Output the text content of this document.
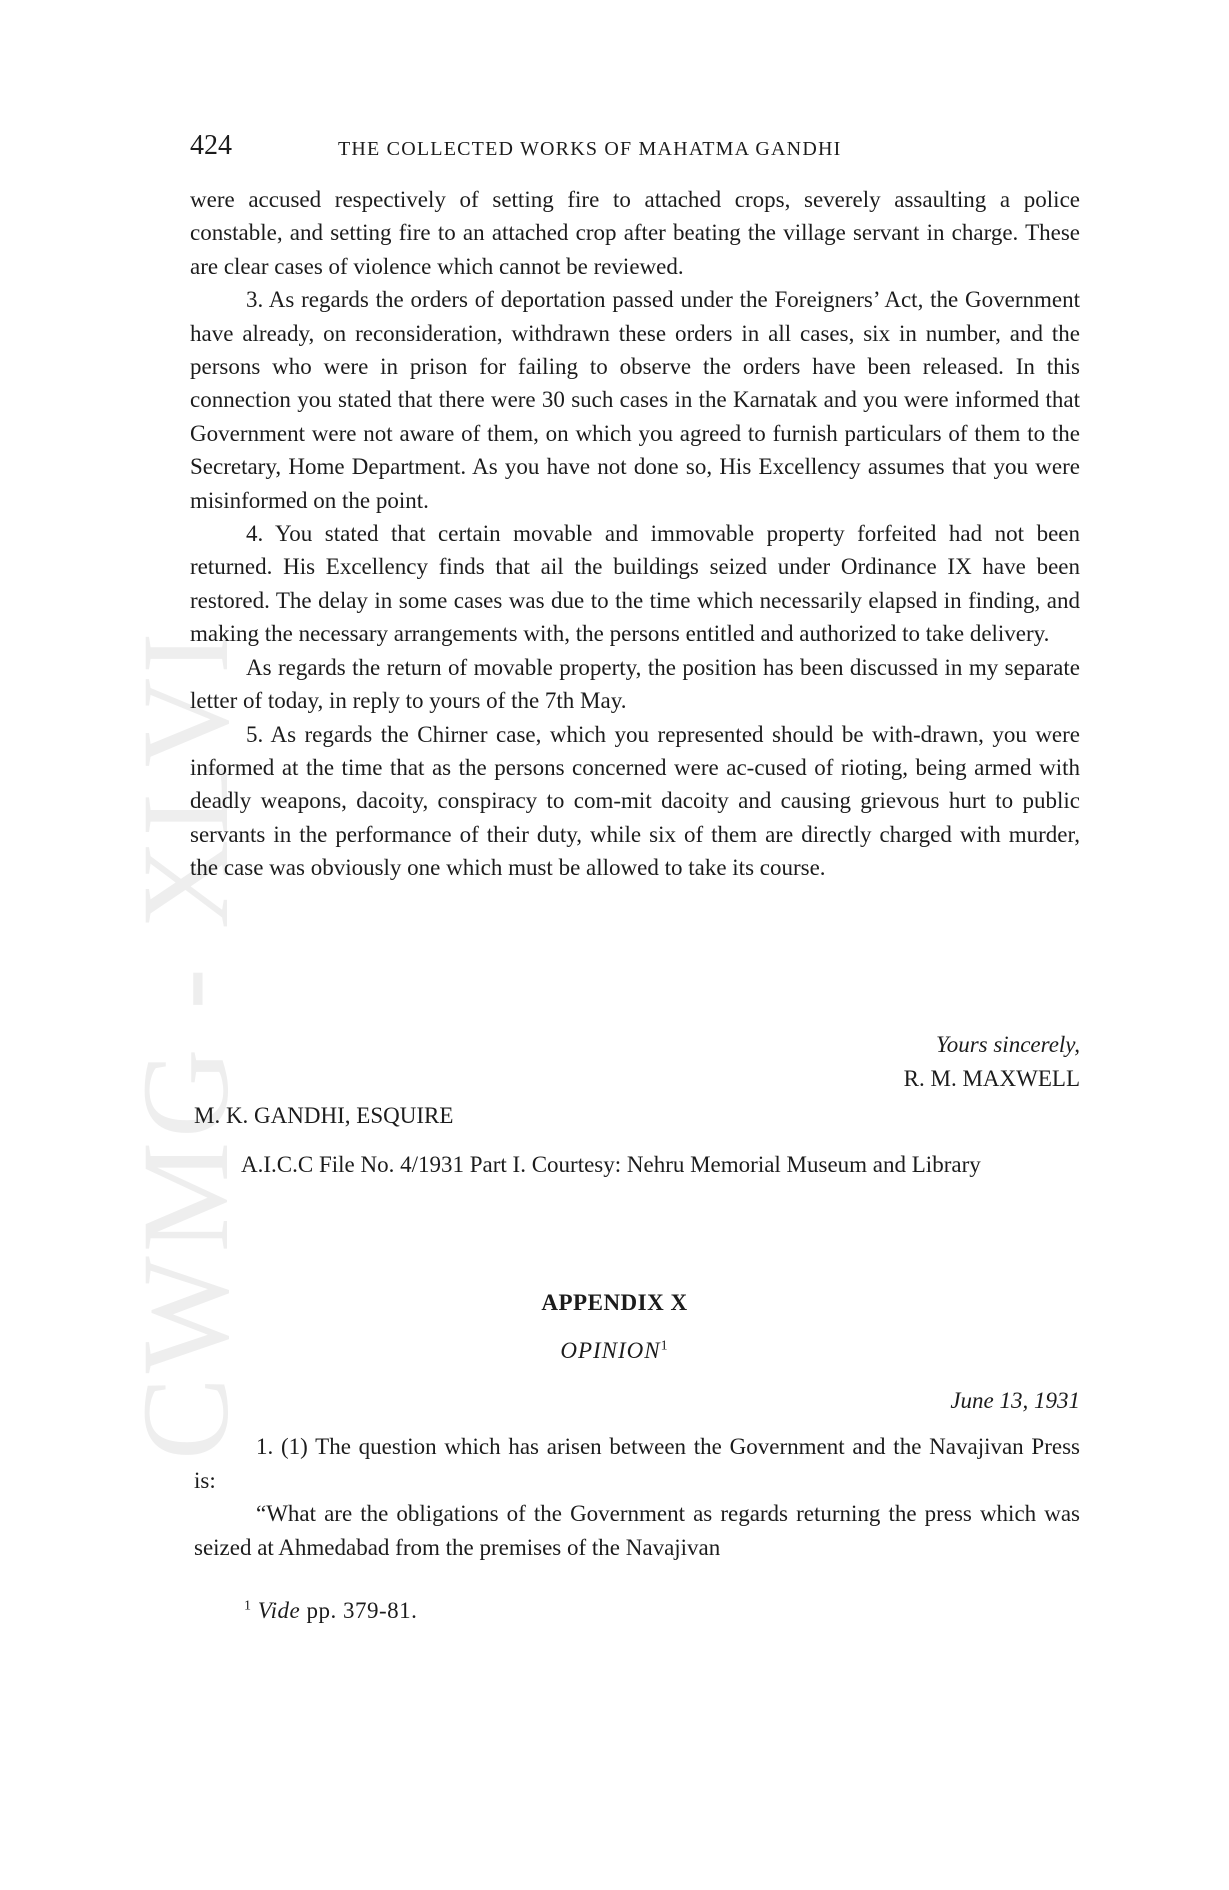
CWMG - XLVI
424	THE COLLECTED WORKS OF MAHATMA GANDHI

were accused respectively of setting fire to attached crops, severely assaulting a police constable, and setting fire to an attached crop after beating the village servant in charge. These are clear cases of violence which cannot be reviewed.

3. As regards the orders of deportation passed under the Foreigners’ Act, the Government have already, on reconsideration, withdrawn these orders in all cases, six in number, and the persons who were in prison for failing to observe the orders have been released. In this connection you stated that there were 30 such cases in the Karnatak and you were informed that Government were not aware of them, on which you agreed to furnish particulars of them to the Secretary, Home Department. As you have not done so, His Excellency assumes that you were misinformed on the point.

4. You stated that certain movable and immovable property forfeited had not been returned. His Excellency finds that ail the buildings seized under Ordinance IX have been restored. The delay in some cases was due to the time which necessarily elapsed in finding, and making the necessary arrangements with, the persons entitled and authorized to take delivery.

As regards the return of movable property, the position has been discussed in my separate letter of today, in reply to yours of the 7th May.

5. As regards the Chirner case, which you represented should be with-drawn, you were informed at the time that as the persons concerned were ac-cused of rioting, being armed with deadly weapons, dacoity, conspiracy to com-mit dacoity and causing grievous hurt to public servants in the performance of their duty, while six of them are directly charged with murder, the case was obviously one which must be allowed to take its course.

Yours sincerely,
R. M. MAXWELL
M. K. GANDHI, ESQUIRE
A.I.C.C File No. 4/1931 Part I. Courtesy: Nehru Memorial Museum and Library
APPENDIX X
OPINION$^1$
June 13, 1931

1. (1) The question which has arisen between the Government and the Navajivan Press is:

“What are the obligations of the Government as regards returning the press which was seized at Ahmedabad from the premises of the Navajivan

$^1$ Vide pp. 379-81.
